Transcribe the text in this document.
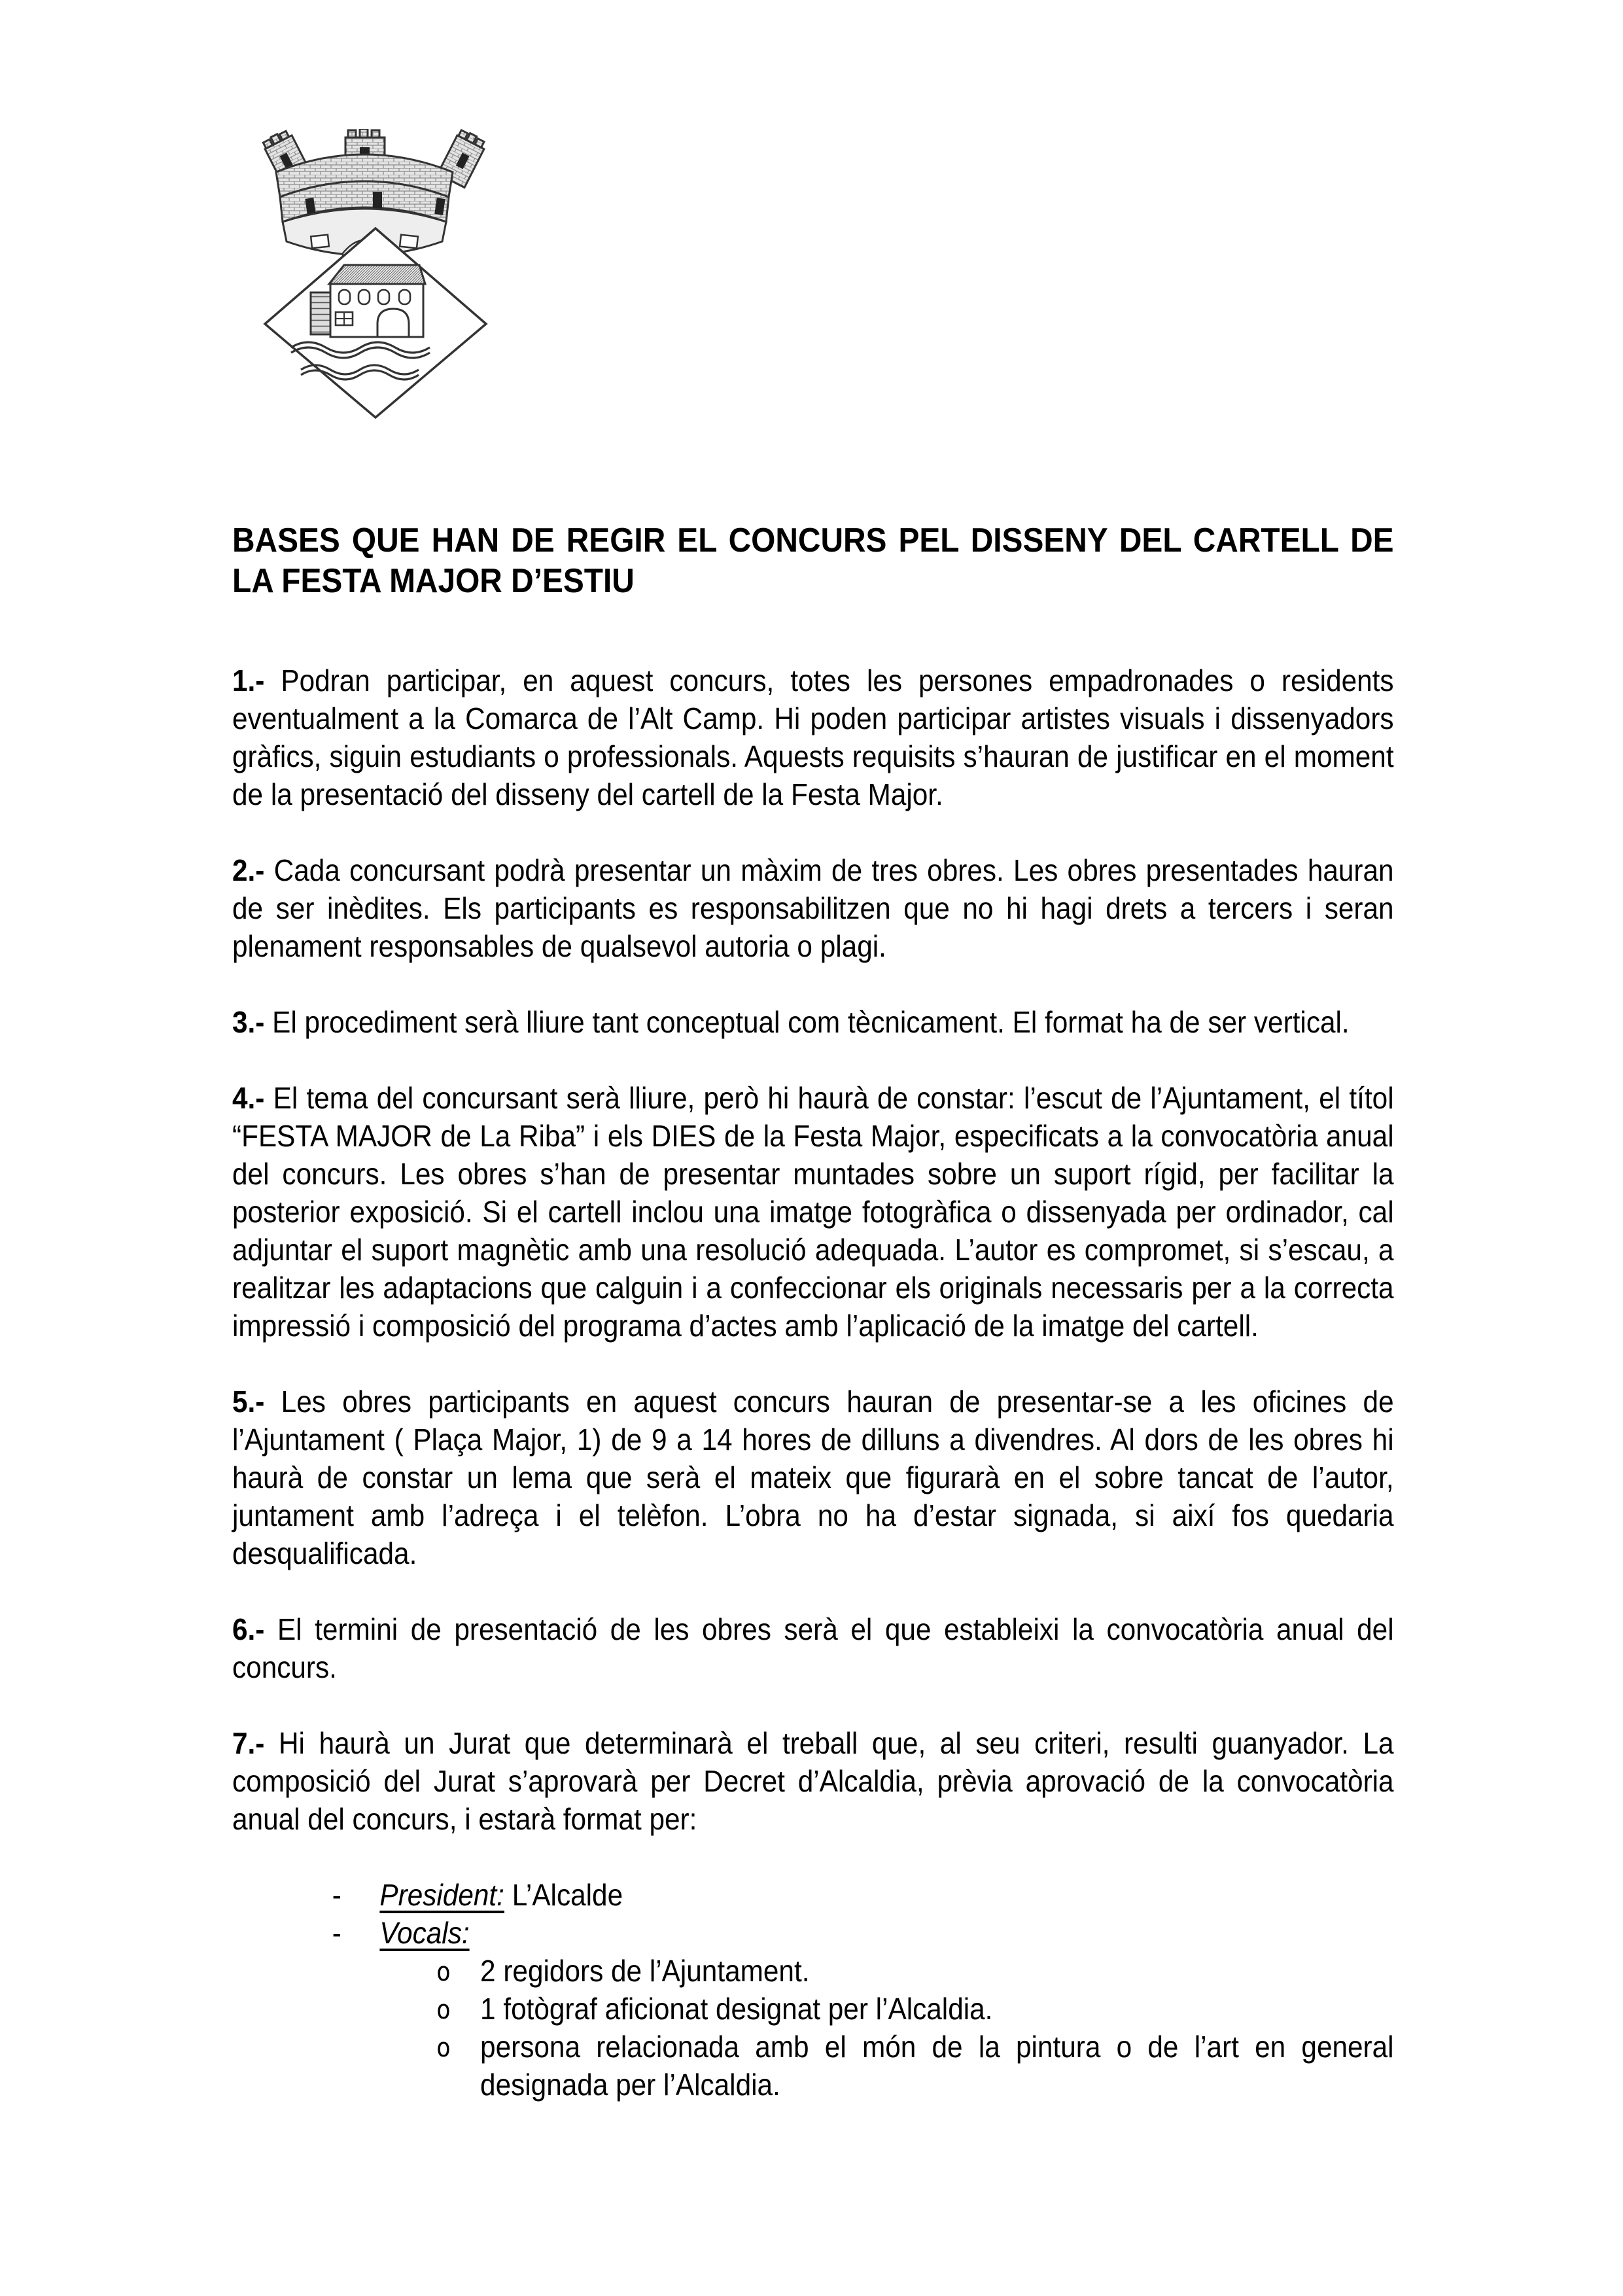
BASES QUE HAN DE REGIR EL CONCURS PEL DISSENY DEL CARTELL DE LA FESTA MAJOR D’ESTIU

1.- Podran participar, en aquest concurs, totes les persones empadronades o residents eventualment a la Comarca de l’Alt Camp. Hi poden participar artistes visuals i dissenyadors gràfics, siguin estudiants o professionals. Aquests requisits s’hauran de justificar en el moment de la presentació del disseny del cartell de la Festa Major.

2.- Cada concursant podrà presentar un màxim de tres obres. Les obres presentades hauran de ser inèdites. Els participants es responsabilitzen que no hi hagi drets a tercers i seran plenament responsables de qualsevol autoria o plagi.

3.- El procediment serà lliure tant conceptual com tècnicament. El format ha de ser vertical.

4.- El tema del concursant serà lliure, però hi haurà de constar: l’escut de l’Ajuntament, el títol “FESTA MAJOR de La Riba” i els DIES de la Festa Major, especificats a la convocatòria anual del concurs. Les obres s’han de presentar muntades sobre un suport rígid, per facilitar la posterior exposició. Si el cartell inclou una imatge fotogràfica o dissenyada per ordinador, cal adjuntar el suport magnètic amb una resolució adequada. L’autor es compromet, si s’escau, a realitzar les adaptacions que calguin i a confeccionar els originals necessaris per a la correcta impressió i composició del programa d’actes amb l’aplicació de la imatge del cartell.

5.- Les obres participants en aquest concurs hauran de presentar-se a les oficines de l’Ajuntament ( Plaça Major, 1) de 9 a 14 hores de dilluns a divendres. Al dors de les obres hi haurà de constar un lema que serà el mateix que figurarà en el sobre tancat de l’autor, juntament amb l’adreça i el telèfon. L’obra no ha d’estar signada, si així fos quedaria desqualificada.

6.- El termini de presentació de les obres serà el que estableixi la convocatòria anual del concurs.

7.- Hi haurà un Jurat que determinarà el treball que, al seu criteri, resulti guanyador. La composició del Jurat s’aprovarà per Decret d’Alcaldia, prèvia aprovació de la convocatòria anual del concurs, i estarà format per:

- President: L’Alcalde
- Vocals:
o 2 regidors de l’Ajuntament.
o 1 fotògraf aficionat designat per l’Alcaldia.
o persona relacionada amb el món de la pintura o de l’art en general designada per l’Alcaldia.
